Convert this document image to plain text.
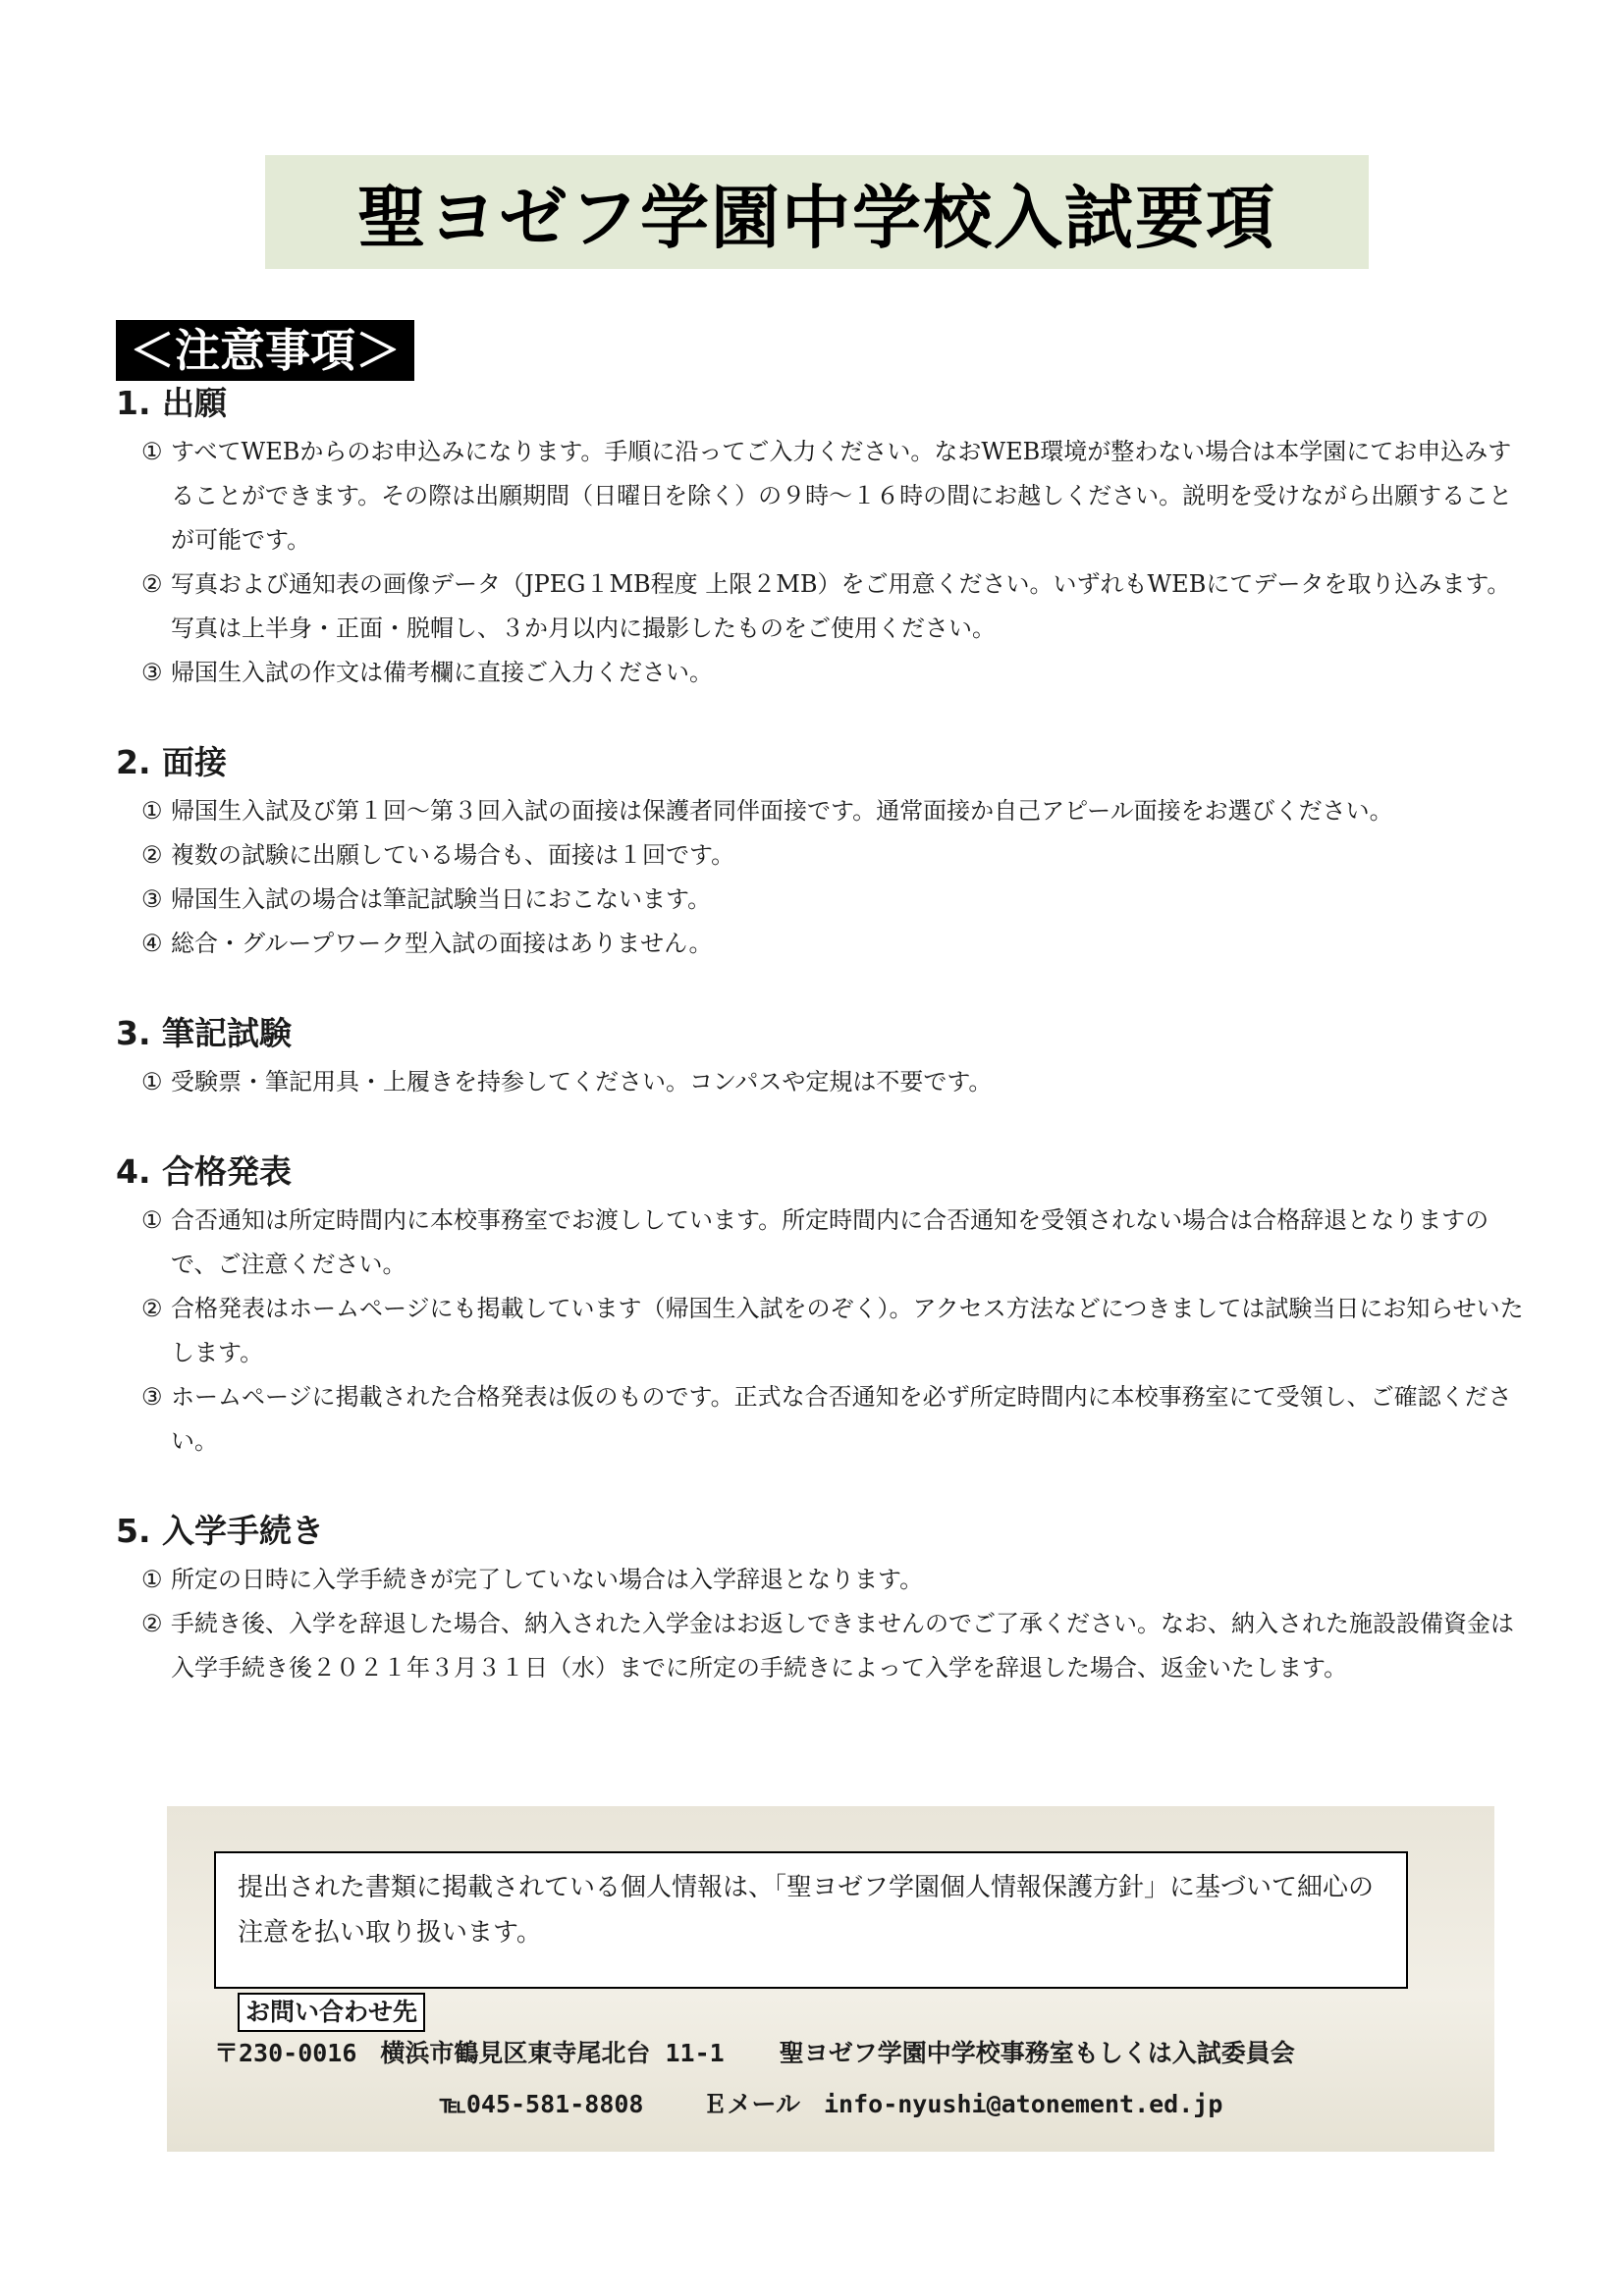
聖ヨゼフ学園中学校入試要項
＜注意事項＞
1. 出願
① すべてWEBからのお申込みになります。手順に沿ってご入力ください。なおWEB環境が整わない場合は本学園にてお申込みすることができます。その際は出願期間（日曜日を除く）の９時～１６時の間にお越しください。説明を受けながら出願することが可能です。
② 写真および通知表の画像データ（JPEG１MB程度 上限２MB）をご用意ください。いずれもWEBにてデータを取り込みます。写真は上半身・正面・脱帽し、３か月以内に撮影したものをご使用ください。
③ 帰国生入試の作文は備考欄に直接ご入力ください。
2. 面接
① 帰国生入試及び第１回～第３回入試の面接は保護者同伴面接です。通常面接か自己アピール面接をお選びください。
② 複数の試験に出願している場合も、面接は１回です。
③ 帰国生入試の場合は筆記試験当日におこないます。
④ 総合・グループワーク型入試の面接はありません。
3. 筆記試験
① 受験票・筆記用具・上履きを持参してください。コンパスや定規は不要です。
4. 合格発表
① 合否通知は所定時間内に本校事務室でお渡ししています。所定時間内に合否通知を受領されない場合は合格辞退となりますので、ご注意ください。
② 合格発表はホームページにも掲載しています（帰国生入試をのぞく）。アクセス方法などにつきましては試験当日にお知らせいたします。
③ ホームページに掲載された合格発表は仮のものです。正式な合否通知を必ず所定時間内に本校事務室にて受領し、ご確認ください。
5. 入学手続き
① 所定の日時に入学手続きが完了していない場合は入学辞退となります。
② 手続き後、入学を辞退した場合、納入された入学金はお返しできませんのでご了承ください。なお、納入された施設設備資金は入学手続き後２０２１年３月３１日（水）までに所定の手続きによって入学を辞退した場合、返金いたします。
提出された書類に掲載されている個人情報は、「聖ヨゼフ学園個人情報保護方針」に基づいて細心の注意を払い取り扱います。
お問い合わせ先
〒230-0016 横浜市鶴見区東寺尾北台 11-1 聖ヨゼフ学園中学校事務室もしくは入試委員会
℡045-581-8808 Ｅメール info-nyushi@atonement.ed.jp
